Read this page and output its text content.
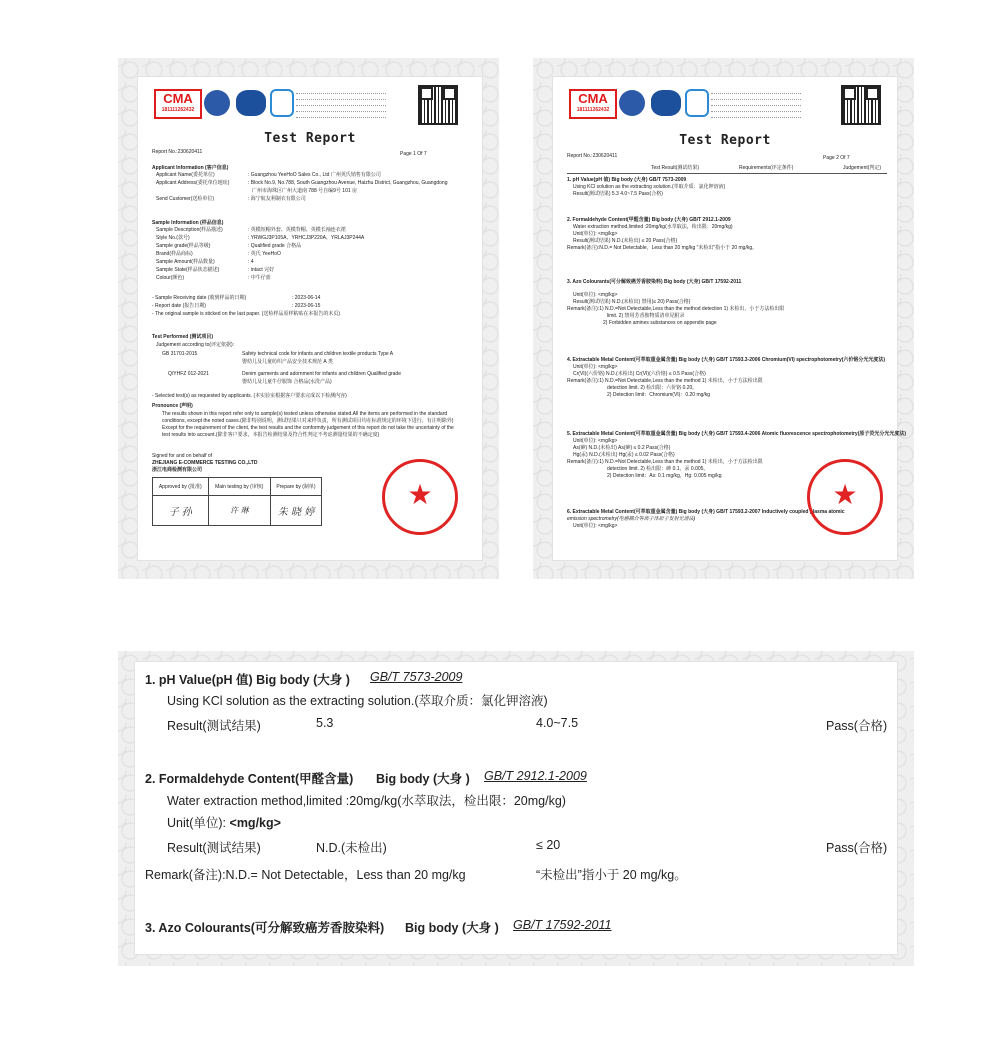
CMA
181111262432
Test Report
Report No.:230620411	Page 1 Of 7
Applicant Information (客户信息)
Applicant Name(委托单位)	: Guangzhou YeeHoO Sales Co., Ltd 广州英氏销售有限公司
Applicant Address(委托单位地址)	: Block No.9, No.788, South Guangzhou Avenue, Haizhu District, Guangzhou, Guangdong
广州市海珠区广州大道南 788 号自编9号 101 房
Send Customer(送检单位)	: 海宁航友利制衣有限公司
Sample Information (样品信息)
Sample Description(样品描述)	: 英模短帽外套、英模背帽、英模长袖连衣裙
Style No.(款号)	: YRWGJ3P105A、YRHCJ3P220A、YRLAJ3P244A
Sample grade(样品等级)	: Qualified grade 合格品
Brand(样品商标)	: 英氏 YeeHoO
Sample Amount(样品数量)	: 4
Sample State(样品状态描述)	: intact 完好
Colour(颜色)	: 中牛仔蓝
- Sample Receiving date (收到样品的日期)	: 2023-06-14
- Report date (报告日期)	: 2023-06-15
- The original sample is sticked on the last paper. (送检样品原样粘贴在本报告的末页)
Test Performed (测试项目)
Judgement according to(评定依据):
GB 31701-2015	Safety technical code for infants and children textile products Type A
婴幼儿及儿童纺织产品安全技术规范 A 类
Q/YHFZ 012-2021	Denim garments and adornment for infants and children Qualified grade
婴幼儿及儿童牛仔服饰 合格品(水洗产品)
- Selected test(s) as requested by applicants. (本实验室根据客户要求完成以下检测内容)
Pronounce (声明)
The results shown in this report refer only to sample(s) tested unless otherwise stated.All the items are performed in the standard
conditions, except the noted cases.(除非特别说明，测试结果只对来样负责，所有测试项目均在标准规定的环境下进行，有注明除外)
Except for the requirement of the client, the test results and the conformity judgement of this report do not take the uncertainty of the
test results into account.(除非客户要求，本报告检测结果及符合性判定不考虑测量结果的不确定度)
Signed for and on behalf of
ZHEJIANG E-COMMERCE TESTING CO.,LTD
浙江电商检测有限公司
Approved by (批准)	Main testing by (审核)	Prepare by (制单)
子 孙	许 琳	朱 晓 婷
★
CMA
181111262432
Test Report
Report No.:230620411	Page 2 Of 7
Test Result(测试结果)	Requirements(评定条件)	Judgement(判定)
1. pH Value(pH 值) Big body (大身) GB/T 7573-2009
Using KCl solution as the extracting solution.(萃取介质：氯化钾溶液)
Result(测试结果) 5.3 4.0~7.5 Pass(合格)
2. Formaldehyde Content(甲醛含量) Big body (大身) GB/T 2912.1-2009
Water extraction method,limited :20mg/kg(水萃取法，检出限：20mg/kg)
Unit(单位): <mg/kg>
Result(测试结果) N.D.(未检出) ≤ 20 Pass(合格)
Remark(备注):N.D.= Not Detectable，Less than 20 mg/kg "未检出"指小于 20 mg/kg。
3. Azo Colourants(可分解致癌芳香胺染料) Big body (大身) GB/T 17592-2011
Unit(单位): <mg/kg>
Result(测试结果) N.D.(未检出) 禁用(≤ 20) Pass(合格)
Remark(备注):1) N.D.=Not Detectable,Less than the method detection 1) 未检出，小于方法检出限
limit. 2) 禁用芳香胺物质清单见附录
2) Forbidden amines substances on appendix page
4. Extractable Metal Content(可萃取重金属含量) Big body (大身) GB/T 17593.3-2006 Chromium(VI) spectrophotometry(六价铬分光光度法)
Unit(单位): <mg/kg>
Cr(VI)(六价铬) N.D.(未检出) Cr(VI)(六价铬) ≤ 0.5 Pass(合格)
Remark(备注):1) N.D.=Not Detectable,Less than the method 1) 未检出，小于方法检出限
detection limit. 2) 检出限：六价铬 0.20。
2) Detection limit：Chromium(VI)：0.20 mg/kg
5. Extractable Metal Content(可萃取重金属含量) Big body (大身) GB/T 17593.4-2006 Atomic fluorescence spectrophotometry(原子荧光分光光度法)
Unit(单位): <mg/kg>
As(砷) N.D.(未检出) As(砷) ≤ 0.2 Pass(合格)
Hg(汞) N.D.(未检出) Hg(汞) ≤ 0.02 Pass(合格)
Remark(备注):1) N.D.=Not Detectable,Less than the method 1) 未检出，小于方法检出限
detection limit. 2) 检出限：砷 0.1，汞 0.005。
2) Detection limit：As: 0.1 mg/kg，Hg: 0.005 mg/kg
6. Extractable Metal Content(可萃取重金属含量) Big body (大身) GB/T 17593.2-2007 Inductively coupled plasma atomic
emission spectrometry(电感耦合等离子体原子发射光谱法)
Unit(单位): <mg/kg>
★
1. pH Value(pH 值) Big body (大身 ) GB/T 7573-2009
Using KCl solution as the extracting solution.(萃取介质：氯化钾溶液)
Result(测试结果)	5.3	4.0~7.5	Pass(合格)
2. Formaldehyde Content(甲醛含量) Big body (大身 ) GB/T 2912.1-2009
Water extraction method,limited :20mg/kg(水萃取法，检出限：20mg/kg)
Unit(单位): <mg/kg>
Result(测试结果)	N.D.(未检出)	≤ 20	Pass(合格)
Remark(备注):N.D.= Not Detectable，Less than 20 mg/kg	“未检出”指小于 20 mg/kg。
3. Azo Colourants(可分解致癌芳香胺染料) Big body (大身 ) GB/T 17592-2011
